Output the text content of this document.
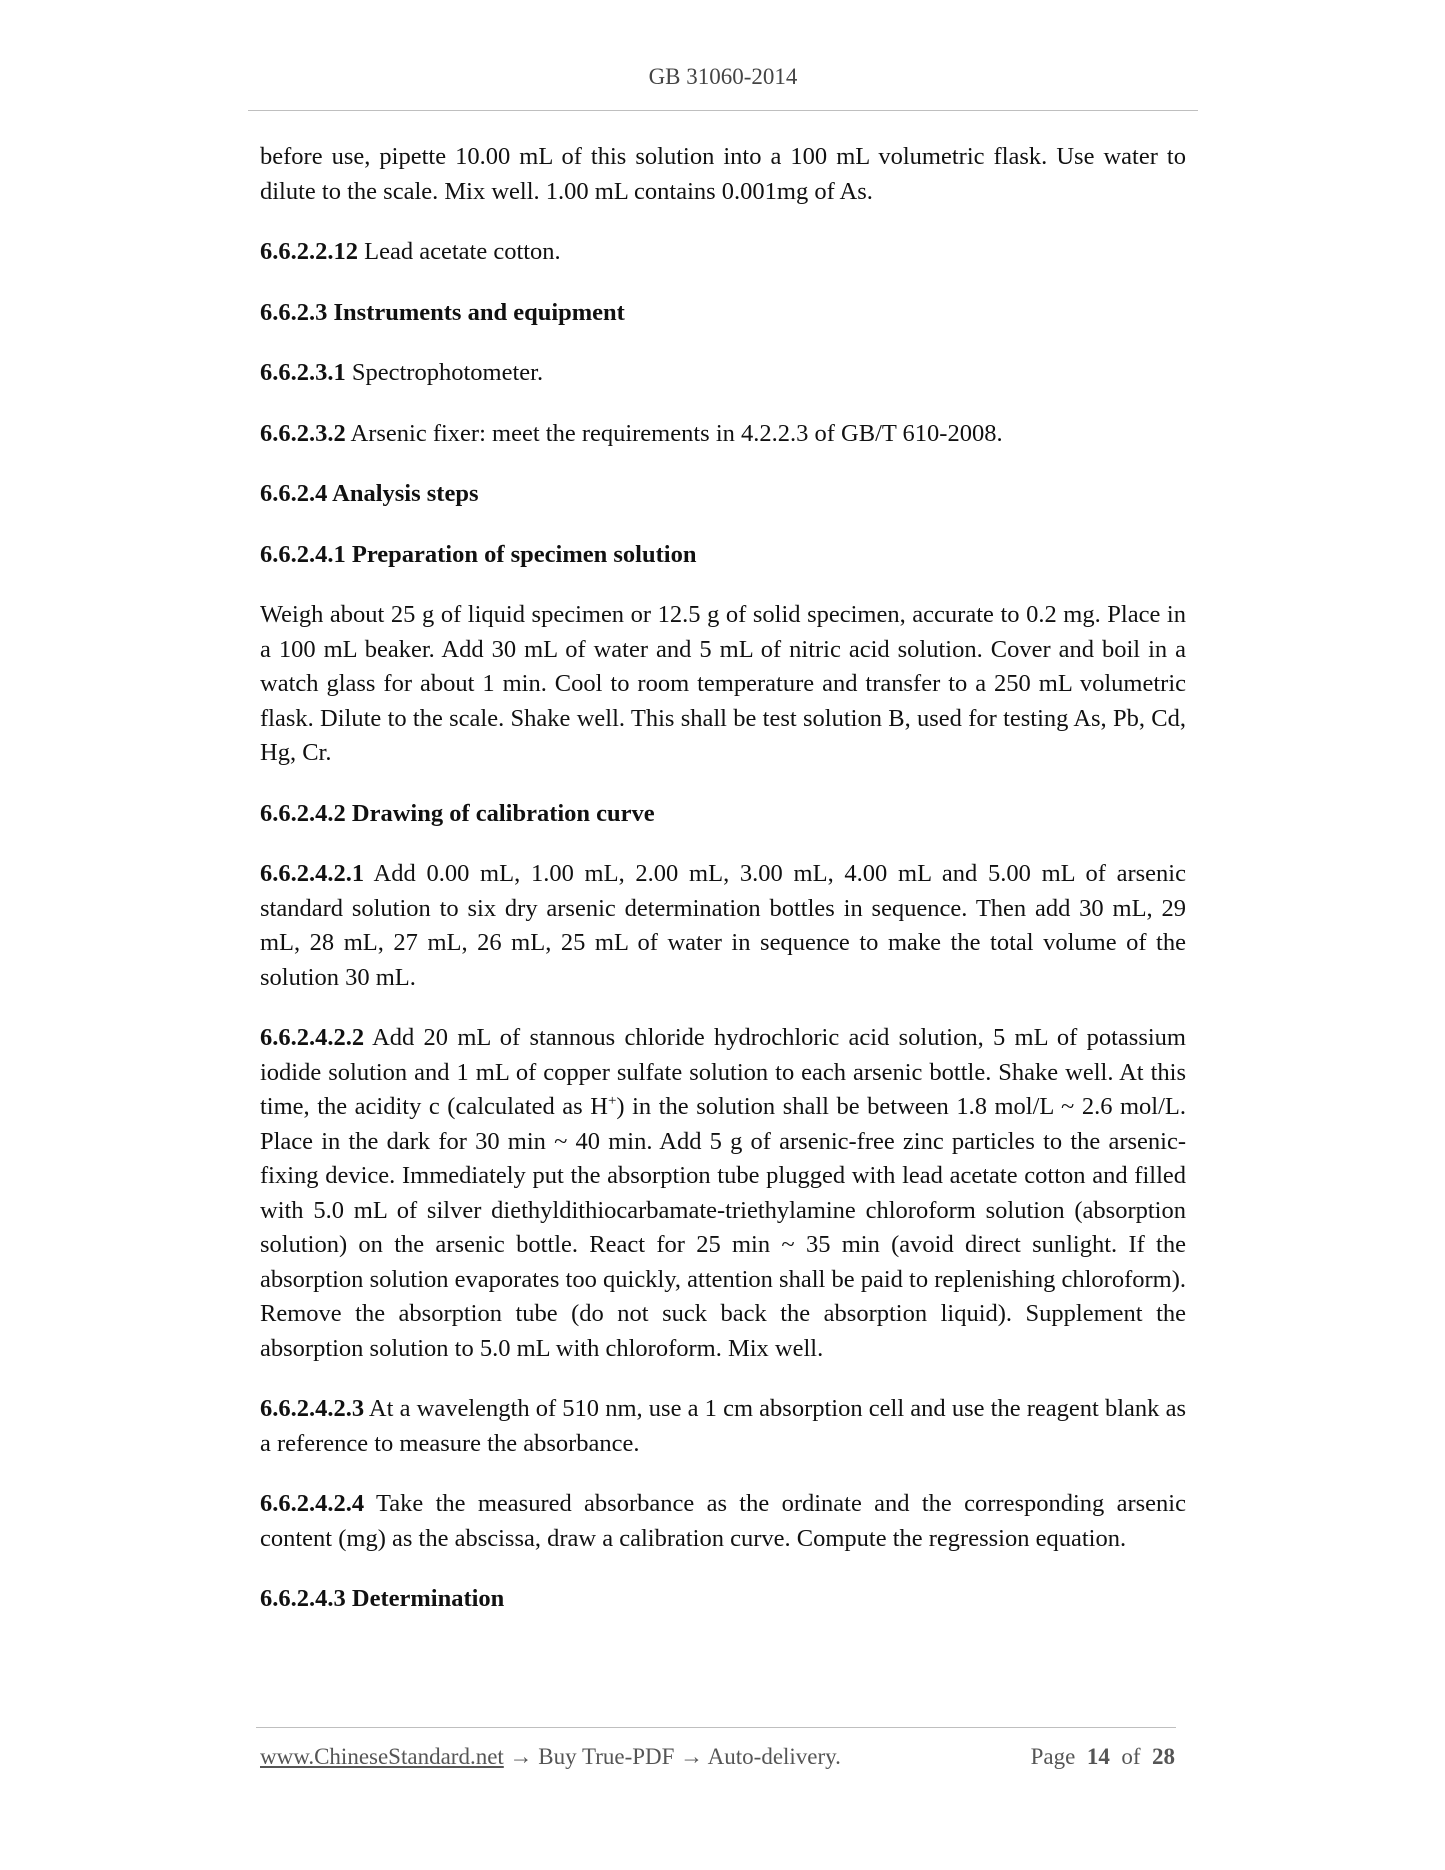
GB 31060-2014

before use, pipette 10.00 mL of this solution into a 100 mL volumetric flask. Use water to dilute to the scale. Mix well. 1.00 mL contains 0.001mg of As.

6.6.2.2.12 Lead acetate cotton.

6.6.2.3 Instruments and equipment

6.6.2.3.1 Spectrophotometer.

6.6.2.3.2 Arsenic fixer: meet the requirements in 4.2.2.3 of GB/T 610-2008.

6.6.2.4 Analysis steps

6.6.2.4.1 Preparation of specimen solution

Weigh about 25 g of liquid specimen or 12.5 g of solid specimen, accurate to 0.2 mg. Place in a 100 mL beaker. Add 30 mL of water and 5 mL of nitric acid solution. Cover and boil in a watch glass for about 1 min. Cool to room temperature and transfer to a 250 mL volumetric flask. Dilute to the scale. Shake well. This shall be test solution B, used for testing As, Pb, Cd, Hg, Cr.

6.6.2.4.2 Drawing of calibration curve

6.6.2.4.2.1 Add 0.00 mL, 1.00 mL, 2.00 mL, 3.00 mL, 4.00 mL and 5.00 mL of arsenic standard solution to six dry arsenic determination bottles in sequence. Then add 30 mL, 29 mL, 28 mL, 27 mL, 26 mL, 25 mL of water in sequence to make the total volume of the solution 30 mL.

6.6.2.4.2.2 Add 20 mL of stannous chloride hydrochloric acid solution, 5 mL of potassium iodide solution and 1 mL of copper sulfate solution to each arsenic bottle. Shake well. At this time, the acidity c (calculated as H+) in the solution shall be between 1.8 mol/L ~ 2.6 mol/L. Place in the dark for 30 min ~ 40 min. Add 5 g of arsenic-free zinc particles to the arsenic-fixing device. Immediately put the absorption tube plugged with lead acetate cotton and filled with 5.0 mL of silver diethyldithiocarbamate-triethylamine chloroform solution (absorption solution) on the arsenic bottle. React for 25 min ~ 35 min (avoid direct sunlight. If the absorption solution evaporates too quickly, attention shall be paid to replenishing chloroform). Remove the absorption tube (do not suck back the absorption liquid). Supplement the absorption solution to 5.0 mL with chloroform. Mix well.

6.6.2.4.2.3 At a wavelength of 510 nm, use a 1 cm absorption cell and use the reagent blank as a reference to measure the absorbance.

6.6.2.4.2.4 Take the measured absorbance as the ordinate and the corresponding arsenic content (mg) as the abscissa, draw a calibration curve. Compute the regression equation.

6.6.2.4.3 Determination

www.ChineseStandard.net → Buy True-PDF → Auto-delivery.	Page 14 of 28
